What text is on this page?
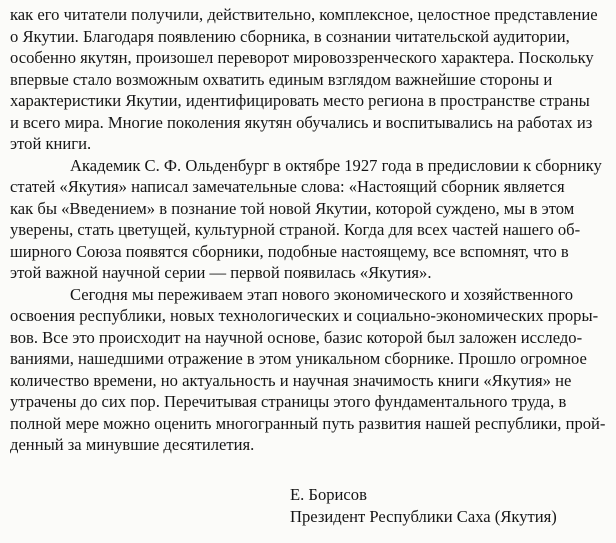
как его читатели получили, действительно, комплексное, целостное представление
о Якутии. Благодаря появлению сборника, в сознании читательской аудитории,
особенно якутян, произошел переворот мировоззренческого характера. Поскольку
впервые стало возможным охватить единым взглядом важнейшие стороны и
характеристики Якутии, идентифицировать место региона в пространстве страны
и всего мира. Многие поколения якутян обучались и воспитывались на работах из
этой книги.
Академик С. Ф. Ольденбург в октябре 1927 года в предисловии к сборнику
статей «Якутия» написал замечательные слова: «Настоящий сборник является
как бы «Введением» в познание той новой Якутии, которой суждено, мы в этом
уверены, стать цветущей, культурной страной. Когда для всех частей нашего об-
ширного Союза появятся сборники, подобные настоящему, все вспомнят, что в
этой важной научной серии — первой появилась «Якутия».
Сегодня мы переживаем этап нового экономического и хозяйственного
освоения республики, новых технологических и социально-экономических проры-
вов. Все это происходит на научной основе, базис которой был заложен исследо-
ваниями, нашедшими отражение в этом уникальном сборнике. Прошло огромное
количество времени, но актуальность и научная значимость книги «Якутия» не
утрачены до сих пор. Перечитывая страницы этого фундаментального труда, в
полной мере можно оценить многогранный путь развития нашей республики, прой-
денный за минувшие десятилетия.
Е. Борисов
Президент Республики Саха (Якутия)
